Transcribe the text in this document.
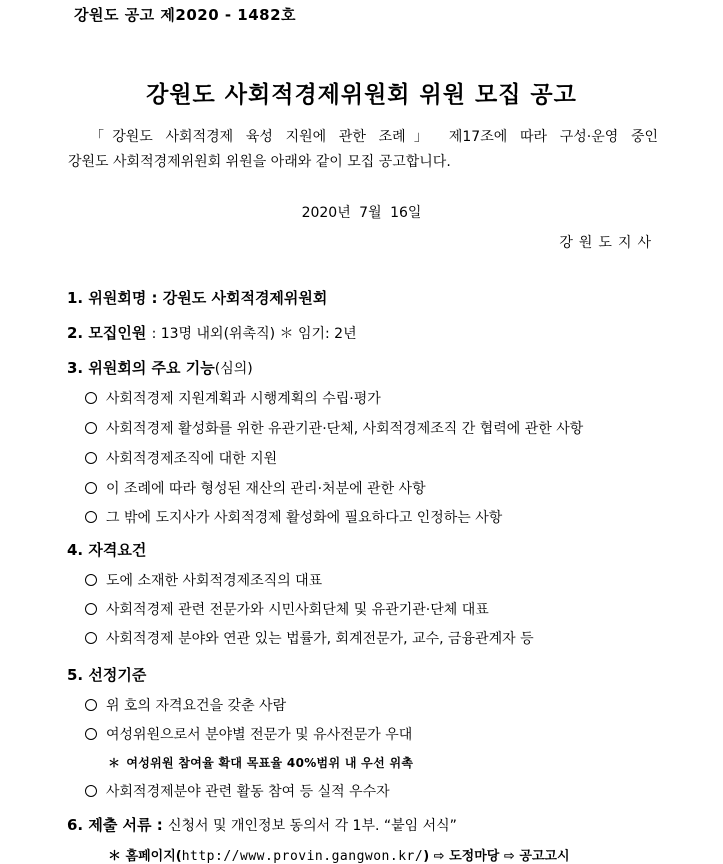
강원도 공고 제2020 - 1482호
강원도 사회적경제위원회 위원 모집 공고
「강원도 사회적경제 육성 지원에 관한 조례」 제17조에 따라 구성·운영 중인
강원도 사회적경제위원회 위원을 아래와 같이 모집 공고합니다.
2020년 7월 16일
강원도지사
1. 위원회명 : 강원도 사회적경제위원회
2. 모집인원 : 13명 내외(위촉직) ＊ 임기: 2년
3. 위원회의 주요 기능(심의)
사회적경제 지원계획과 시행계획의 수립·평가
사회적경제 활성화를 위한 유관기관·단체, 사회적경제조직 간 협력에 관한 사항
사회적경제조직에 대한 지원
이 조례에 따라 형성된 재산의 관리·처분에 관한 사항
그 밖에 도지사가 사회적경제 활성화에 필요하다고 인정하는 사항
4. 자격요건
도에 소재한 사회적경제조직의 대표
사회적경제 관련 전문가와 시민사회단체 및 유관기관·단체 대표
사회적경제 분야와 연관 있는 법률가, 회계전문가, 교수, 금융관계자 등
5. 선정기준
위 호의 자격요건을 갖춘 사람
여성위원으로서 분야별 전문가 및 유사전문가 우대
＊ 여성위원 참여율 확대 목표율 40%범위 내 우선 위촉
사회적경제분야 관련 활동 참여 등 실적 우수자
6. 제출 서류 : 신청서 및 개인정보 동의서 각 1부. “붙임 서식”
＊ 홈페이지(http://www.provin.gangwon.kr/) ⇨ 도정마당 ⇨ 공고고시
